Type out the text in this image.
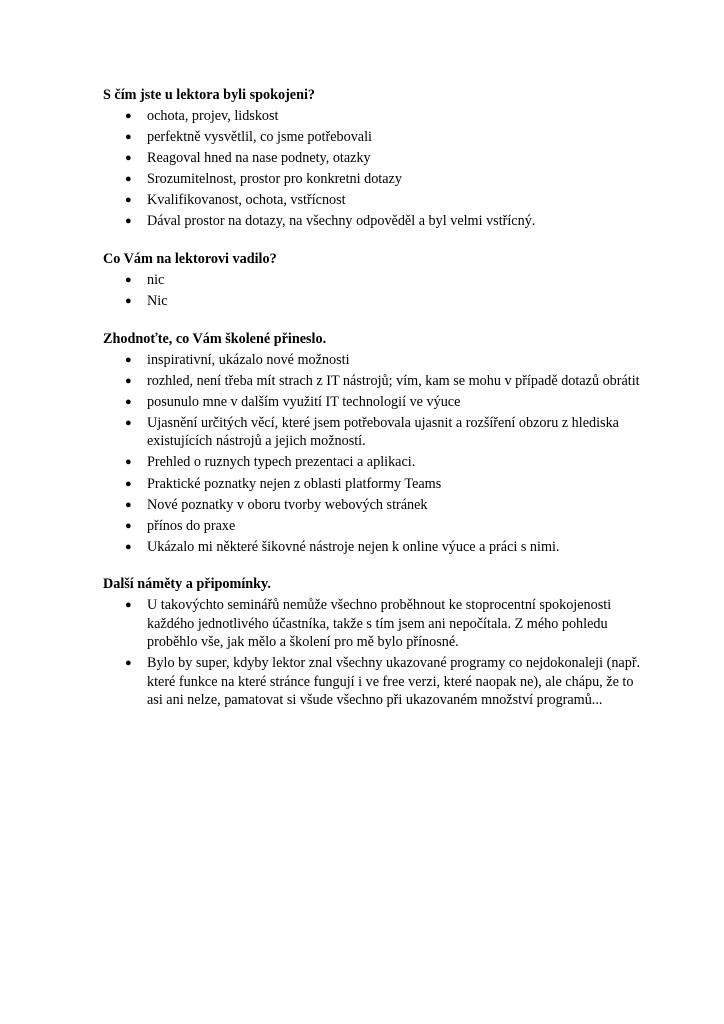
S čím jste u lektora byli spokojeni?
● ochota, projev, lidskost
● perfektně vysvětlil, co jsme potřebovali
● Reagoval hned na nase podnety, otazky
● Srozumitelnost, prostor pro konkretni dotazy
● Kvalifikovanost, ochota, vstřícnost
● Dával prostor na dotazy, na všechny odpověděl a byl velmi vstřícný.
Co Vám na lektorovi vadilo?
● nic
● Nic
Zhodnoťte, co Vám školené přineslo.
● inspirativní, ukázalo nové možnosti
● rozhled, není třeba mít strach z IT nástrojů; vím, kam se mohu v případě dotazů obrátit
● posunulo mne v dalším využití IT technologií ve výuce
● Ujasnění určitých věcí, které jsem potřebovala ujasnit a rozšíření obzoru z hlediska existujících nástrojů a jejich možností.
● Prehled o ruznych typech prezentaci a aplikaci.
● Praktické poznatky nejen z oblasti platformy Teams
● Nové poznatky v oboru tvorby webových stránek
● přínos do praxe
● Ukázalo mi některé šikovné nástroje nejen k online výuce a práci s nimi.
Další náměty a připomínky.
● U takovýchto seminářů nemůže všechno proběhnout ke stoprocentní spokojenosti každého jednotlivého účastníka, takže s tím jsem ani nepočítala. Z mého pohledu proběhlo vše, jak mělo a školení pro mě bylo přínosné.
● Bylo by super, kdyby lektor znal všechny ukazované programy co nejdokonaleji (např. které funkce na které stránce fungují i ve free verzi, které naopak ne), ale chápu, že to asi ani nelze, pamatovat si všude všechno při ukazovaném množství programů...
